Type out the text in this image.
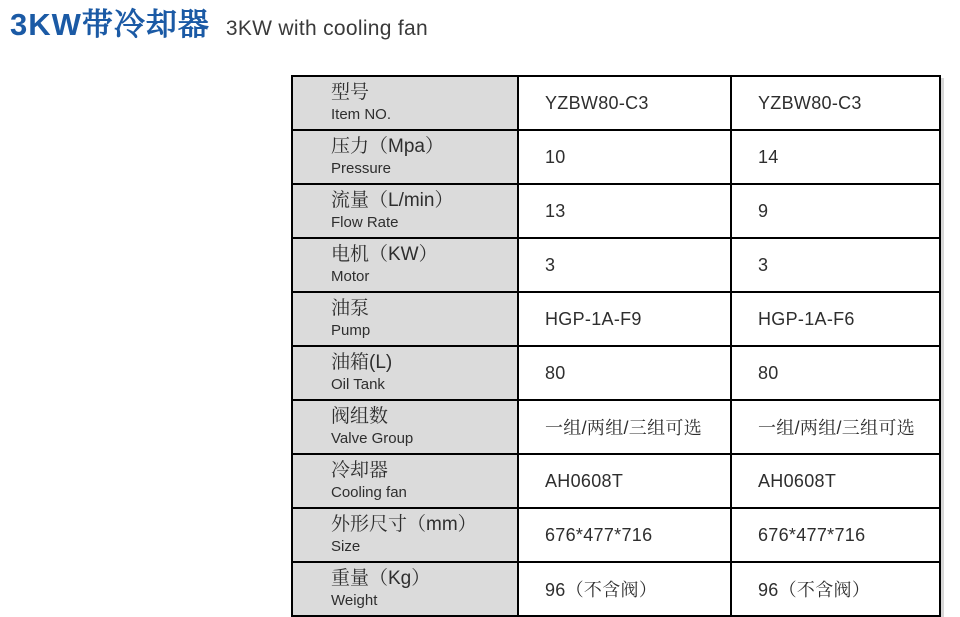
3KW带冷却器 3KW with cooling fan
型号
Item NO.	YZBW80-C3	YZBW80-C3

压力（Mpa）
Pressure	10	14

流量（L/min）
Flow Rate	13	9

电机（KW）
Motor	3	3

油泵
Pump	HGP-1A-F9	HGP-1A-F6

油箱(L)
Oil Tank	80	80

阀组数
Valve Group	一组/两组/三组可选	一组/两组/三组可选

冷却器
Cooling fan	AH0608T	AH0608T

外形尺寸（mm）
Size	676*477*716	676*477*716

重量（Kg）
Weight	96（不含阀）	96（不含阀）
